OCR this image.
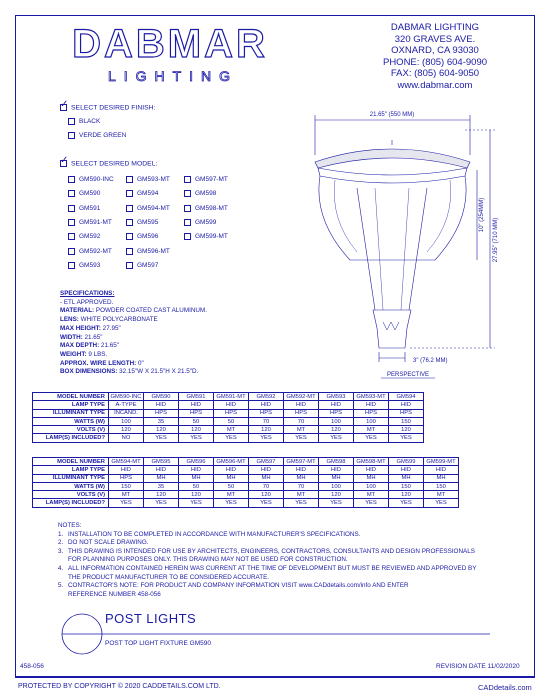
DABMAR
LIGHTING
DABMAR LIGHTING
320 GRAVES AVE.
OXNARD, CA 93030
PHONE: (805) 604-9090
FAX: (805) 604-9050
www.dabmar.com
✓SELECT DESIRED FINISH:
BLACK
VERDE GREEN
✓SELECT DESIRED MODEL:
GM590-INC
GM590
GM591
GM591-MT
GM592
GM592-MT
GM593
GM593-MT
GM594
GM594-MT
GM595
GM596
GM596-MT
GM597
GM597-MT
GM598
GM598-MT
GM599
GM599-MT
SPECIFICATIONS:
- ETL APPROVED.
MATERIAL: POWDER COATED CAST ALUMINUM.
LENS: WHITE POLYCARBONATE
MAX HEIGHT: 27.95"
WIDTH: 21.65"
MAX DEPTH: 21.65"
WEIGHT: 9 LBS.
APPROX. WIRE LENGTH: 0"
BOX DIMENSIONS: 32.15"W X 21.5"H X 21.5"D.
21.65" (550 MM)
27.95" (710 MM)
10" (254MM)
3" (76.2 MM)
PERSPECTIVE
MODEL NUMBER	GM590-INC	GM590	GM591	GM591-MT	GM592	GM592-MT	GM593	GM593-MT	GM594
LAMP TYPE	A-TYPE	HID	HID	HID	HID	HID	HID	HID	HID
ILLUMINANT TYPE	INCAND.	HPS	HPS	HPS	HPS	HPS	HPS	HPS	HPS
WATTS (W)	100	35	50	50	70	70	100	100	150
VOLTS (V)	120	120	120	MT	120	MT	120	MT	120
LAMP(S) INCLUDED?	NO	YES	YES	YES	YES	YES	YES	YES	YES
MODEL NUMBER	GM594-MT	GM595	GM596	GM596-MT	GM597	GM597-MT	GM598	GM598-MT	GM599	GM599-MT
LAMP TYPE	HID	HID	HID	HID	HID	HID	HID	HID	HID	HID
ILLUMINANT TYPE	HPS	MH	MH	MH	MH	MH	MH	MH	MH	MH
WATTS (W)	150	35	50	50	70	70	100	100	150	150
VOLTS (V)	MT	120	120	MT	120	MT	120	MT	120	MT
LAMP(S) INCLUDED?	YES	YES	YES	YES	YES	YES	YES	YES	YES	YES
NOTES:
1. INSTALLATION TO BE COMPLETED IN ACCORDANCE WITH MANUFACTURER'S SPECIFICATIONS.
2. DO NOT SCALE DRAWING.
3. THIS DRAWING IS INTENDED FOR USE BY ARCHITECTS, ENGINEERS, CONTRACTORS, CONSULTANTS AND DESIGN PROFESSIONALS
FOR PLANNING PURPOSES ONLY. THIS DRAWING MAY NOT BE USED FOR CONSTRUCTION.
4. ALL INFORMATION CONTAINED HEREIN WAS CURRENT AT THE TIME OF DEVELOPMENT BUT MUST BE REVIEWED AND APPROVED BY
THE PRODUCT MANUFACTURER TO BE CONSIDERED ACCURATE.
5. CONTRACTOR'S NOTE: FOR PRODUCT AND COMPANY INFORMATION VISIT www.CADdetails.com/info AND ENTER
REFERENCE NUMBER 458-056
POST LIGHTS
POST TOP LIGHT FIXTURE GM590
458-056	REVISION DATE 11/02/2020
PROTECTED BY COPYRIGHT © 2020 CADDETAILS.COM LTD.	CADdetails.com
